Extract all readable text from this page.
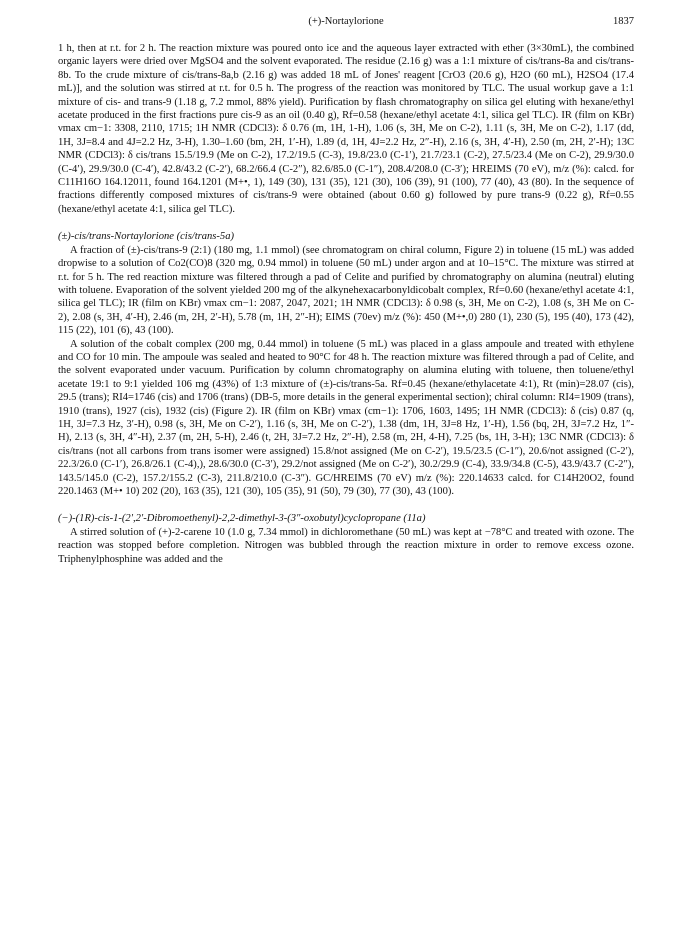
(+)-Nortaylorione	1837

1 h, then at r.t. for 2 h. The reaction mixture was poured onto ice and the aqueous layer extracted with ether (3×30mL), the combined organic layers were dried over MgSO4 and the solvent evaporated. The residue (2.16 g) was a 1:1 mixture of cis/trans-8a and cis/trans-8b. To the crude mixture of cis/trans-8a,b (2.16 g) was added 18 mL of Jones' reagent [CrO3 (20.6 g), H2O (60 mL), H2SO4 (17.4 mL)], and the solution was stirred at r.t. for 0.5 h. The progress of the reaction was monitored by TLC. The usual workup gave a 1:1 mixture of cis- and trans-9 (1.18 g, 7.2 mmol, 88% yield). Purification by flash chromatography on silica gel eluting with hexane/ethyl acetate produced in the first fractions pure cis-9 as an oil (0.40 g), Rf=0.58 (hexane/ethyl acetate 4:1, silica gel TLC). IR (film on KBr) νmax cm−1: 3308, 2110, 1715; 1H NMR (CDCl3): δ 0.76 (m, 1H, 1-H), 1.06 (s, 3H, Me on C-2), 1.11 (s, 3H, Me on C-2), 1.17 (dd, 1H, 3J=8.4 and 4J=2.2 Hz, 3-H), 1.30–1.60 (bm, 2H, 1′-H), 1.89 (d, 1H, 4J=2.2 Hz, 2″-H), 2.16 (s, 3H, 4′-H), 2.50 (m, 2H, 2′-H); 13C NMR (CDCl3): δ cis/trans 15.5/19.9 (Me on C-2), 17.2/19.5 (C-3), 19.8/23.0 (C-1′), 21.7/23.1 (C-2), 27.5/23.4 (Me on C-2), 29.9/30.0 (C-4′), 29.9/30.0 (C-4′), 42.8/43.2 (C-2′), 68.2/66.4 (C-2″), 82.6/85.0 (C-1″), 208.4/208.0 (C-3′); HREIMS (70 eV), m/z (%): calcd. for C11H16O 164.12011, found 164.1201 (M+•, 1), 149 (30), 131 (35), 121 (30), 106 (39), 91 (100), 77 (40), 43 (80). In the sequence of fractions differently composed mixtures of cis/trans-9 were obtained (about 0.60 g) followed by pure trans-9 (0.22 g), Rf=0.55 (hexane/ethyl acetate 4:1, silica gel TLC).

(±)-cis/trans-Nortaylorione (cis/trans-5a)

A fraction of (±)-cis/trans-9 (2:1) (180 mg, 1.1 mmol) (see chromatogram on chiral column, Figure 2) in toluene (15 mL) was added dropwise to a solution of Co2(CO)8 (320 mg, 0.94 mmol) in toluene (50 mL) under argon and at 10–15°C. The mixture was stirred at r.t. for 5 h. The red reaction mixture was filtered through a pad of Celite and purified by chromatography on alumina (neutral) eluting with toluene. Evaporation of the solvent yielded 200 mg of the alkynehexacarbonyldicobalt complex, Rf=0.60 (hexane/ethyl acetate 4:1, silica gel TLC); IR (film on KBr) νmax cm−1: 2087, 2047, 2021; 1H NMR (CDCl3): δ 0.98 (s, 3H, Me on C-2), 1.08 (s, 3H Me on C-2), 2.08 (s, 3H, 4′-H), 2.46 (m, 2H, 2′-H), 5.78 (m, 1H, 2″-H); EIMS (70ev) m/z (%): 450 (M+•,0) 280 (1), 230 (5), 195 (40), 173 (42), 115 (22), 101 (6), 43 (100).

A solution of the cobalt complex (200 mg, 0.44 mmol) in toluene (5 mL) was placed in a glass ampoule and treated with ethylene and CO for 10 min. The ampoule was sealed and heated to 90°C for 48 h. The reaction mixture was filtered through a pad of Celite, and the solvent evaporated under vacuum. Purification by column chromatography on alumina eluting with toluene, then toluene/ethyl acetate 19:1 to 9:1 yielded 106 mg (43%) of 1:3 mixture of (±)-cis/trans-5a. Rf=0.45 (hexane/ethylacetate 4:1), Rt (min)=28.07 (cis), 29.5 (trans); RI4=1746 (cis) and 1706 (trans) (DB-5, more details in the general experimental section); chiral column: RI4=1909 (trans), 1910 (trans), 1927 (cis), 1932 (cis) (Figure 2). IR (film on KBr) νmax (cm−1): 1706, 1603, 1495; 1H NMR (CDCl3): δ (cis) 0.87 (q, 1H, 3J=7.3 Hz, 3′-H), 0.98 (s, 3H, Me on C-2′), 1.16 (s, 3H, Me on C-2′), 1.38 (dm, 1H, 3J=8 Hz, 1′-H), 1.56 (bq, 2H, 3J=7.2 Hz, 1″-H), 2.13 (s, 3H, 4″-H), 2.37 (m, 2H, 5-H), 2.46 (t, 2H, 3J=7.2 Hz, 2″-H), 2.58 (m, 2H, 4-H), 7.25 (bs, 1H, 3-H); 13C NMR (CDCl3): δ cis/trans (not all carbons from trans isomer were assigned) 15.8/not assigned (Me on C-2′), 19.5/23.5 (C-1″), 20.6/not assigned (C-2′), 22.3/26.0 (C-1′), 26.8/26.1 (C-4),), 28.6/30.0 (C-3′), 29.2/not assigned (Me on C-2′), 30.2/29.9 (C-4), 33.9/34.8 (C-5), 43.9/43.7 (C-2″), 143.5/145.0 (C-2), 157.2/155.2 (C-3), 211.8/210.0 (C-3″). GC/HREIMS (70 eV) m/z (%): 220.14633 calcd. for C14H20O2, found 220.1463 (M+• 10) 202 (20), 163 (35), 121 (30), 105 (35), 91 (50), 79 (30), 77 (30), 43 (100).

(−)-(1R)-cis-1-(2′,2′-Dibromoethenyl)-2,2-dimethyl-3-(3″-oxobutyl)cyclopropane (11a)

A stirred solution of (+)-2-carene 10 (1.0 g, 7.34 mmol) in dichloromethane (50 mL) was kept at −78°C and treated with ozone. The reaction was stopped before completion. Nitrogen was bubbled through the reaction mixture in order to remove excess ozone. Triphenylphosphine was added and the
